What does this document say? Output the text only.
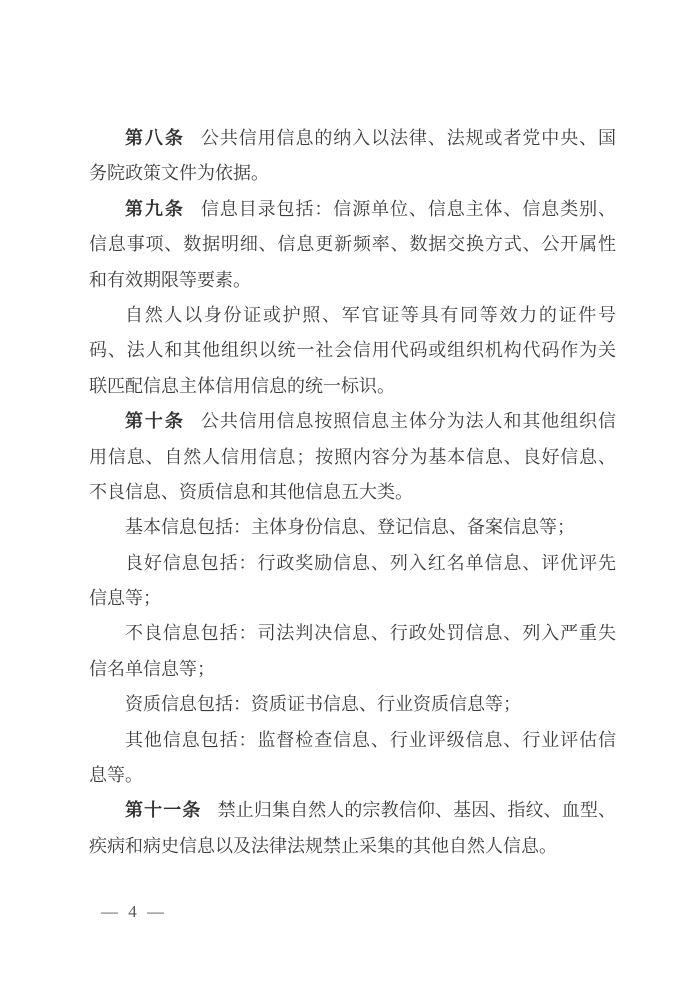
第八条 公共信用信息的纳入以法律、法规或者党中央、国

务院政策文件为依据。

第九条 信息目录包括：信源单位、信息主体、信息类别、

信息事项、数据明细、信息更新频率、数据交换方式、公开属性

和有效期限等要素。

自然人以身份证或护照、军官证等具有同等效力的证件号

码、法人和其他组织以统一社会信用代码或组织机构代码作为关

联匹配信息主体信用信息的统一标识。

第十条 公共信用信息按照信息主体分为法人和其他组织信

用信息、自然人信用信息；按照内容分为基本信息、良好信息、

不良信息、资质信息和其他信息五大类。

基本信息包括：主体身份信息、登记信息、备案信息等；

良好信息包括：行政奖励信息、列入红名单信息、评优评先

信息等；

不良信息包括：司法判决信息、行政处罚信息、列入严重失

信名单信息等；

资质信息包括：资质证书信息、行业资质信息等；

其他信息包括：监督检查信息、行业评级信息、行业评估信

息等。

第十一条 禁止归集自然人的宗教信仰、基因、指纹、血型、

疾病和病史信息以及法律法规禁止采集的其他自然人信息。

— 4 —
